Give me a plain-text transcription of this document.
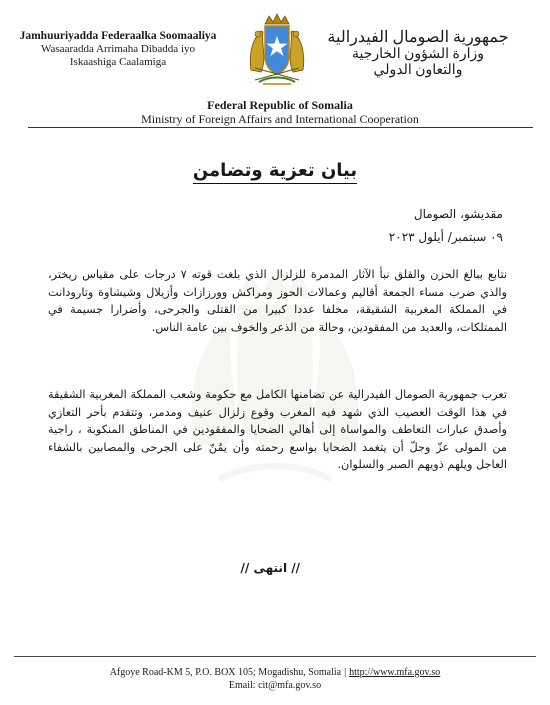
Jamhuuriyadda Federaalka Soomaaliya
Wasaaradda Arrimaha Dibadda iyo
Iskaashiga Caalamiga
جمهورية الصومال الفيدرالية
وزارة الشؤون الخارجية
والتعاون الدولي
Federal Republic of Somalia
Ministry of Foreign Affairs and International Cooperation
بيان تعزية وتضامن
مقديشو، الصومال
٠٩ سبتمبر/ أيلول ٢٠٢٣

نتابع ببالغ الحزن والقلق نبأ الآثار المدمرة للزلزال الذي بلغت قوته ٧ درجات على مقياس ريختر، والذي ضرب مساء الجمعة أقاليم وعمالات الحوز ومراكش وورزازات وأزيلال وشيشاوة وتارودانت في المملكة المغربية الشقيقة، مخلفا عددا كبيرا من القتلى والجرحى، وأضرارا جسيمة في الممتلكات، والعديد من المفقودين، وحالة من الذعر والخوف بين عامة الناس.

تعرب جمهورية الصومال الفيدرالية عن تضامنها الكامل مع حكومة وشعب المملكة المغربية الشقيقة في هذا الوقت العصيب الذي شهد فيه المغرب وقوع زلزال عنيف ومدمر، وتتقدم بأحر التعازي وأصدق عبارات التعاطف والمواساة إلى أهالي الضحايا والمفقودين في المناطق المنكوبة ، راجية من المولى عزّ وجلّ أن يتغمد الضحايا بواسع رحمته وأن يمُنّ على الجرحى والمصابين بالشفاء العاجل ويلهم ذويهم الصبر والسلوان.

// انتهى //
Afgoye Road-KM 5, P.O. BOX 105; Mogadishu, Somalia | http://www.mfa.gov.so
Email: cit@mfa.gov.so
